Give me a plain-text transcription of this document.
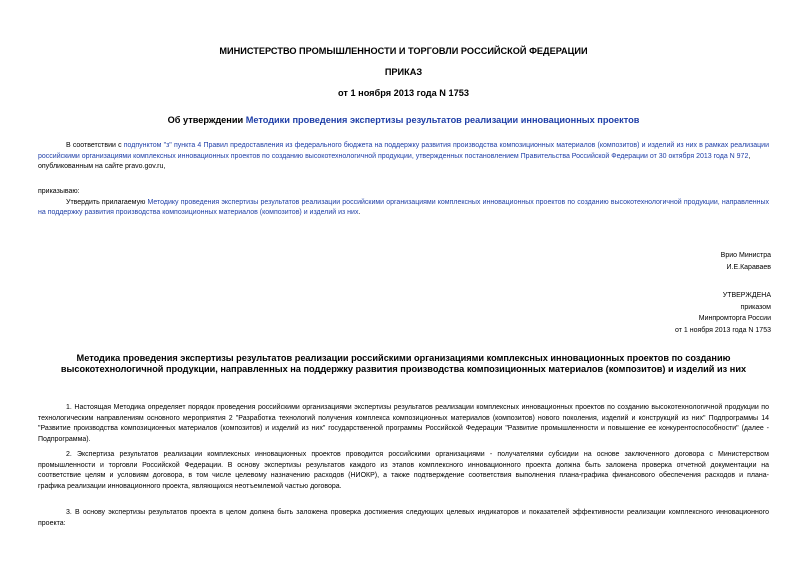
МИНИСТЕРСТВО ПРОМЫШЛЕННОСТИ И ТОРГОВЛИ РОССИЙСКОЙ ФЕДЕРАЦИИ
ПРИКАЗ
от 1 ноября 2013 года N 1753
Об утверждении Методики проведения экспертизы результатов реализации инновационных проектов
В соответствии с подпунктом "з" пункта 4 Правил предоставления из федерального бюджета на поддержку развития производства композиционных материалов (композитов) и изделий из них в рамках реализации
российскими организациями комплексных инновационных проектов по созданию высокотехнологичной продукции, утвержденных постановлением Правительства Российской Федерации от 30 октября 2013 года N 972,
опубликованным на сайте pravo.gov.ru,
приказываю:
Утвердить прилагаемую Методику проведения экспертизы результатов реализации российскими организациями комплексных инновационных проектов по созданию высокотехнологичной продукции, направленных
на поддержку развития производства композиционных материалов (композитов) и изделий из них.
Врио Министра
И.Е.Караваев
УТВЕРЖДЕНА
приказом
Минпромторга России
от 1 ноября 2013 года N 1753
Методика проведения экспертизы результатов реализации российскими организациями комплексных инновационных проектов по созданию
высокотехнологичной продукции, направленных на поддержку развития производства композиционных материалов (композитов) и изделий из них
1. Настоящая Методика определяет порядок проведения российскими организациями экспертизы результатов реализации комплексных инновационных проектов по созданию высокотехнологичной продукции по
технологическим направлениям основного мероприятия 2 "Разработка технологий получения комплекса композиционных материалов (композитов) нового поколения, изделий и конструкций из них" Подпрограммы 14
"Развитие производства композиционных материалов (композитов) и изделий из них" государственной программы Российской Федерации "Развитие промышленности и повышение ее конкурентоспособности" (далее -
Подпрограмма).
2. Экспертиза результатов реализации комплексных инновационных проектов проводится российскими организациями - получателями субсидии на основе заключенного договора с Министерством
промышленности и торговли Российской Федерации. В основу экспертизы результатов каждого из этапов комплексного инновационного проекта должна быть заложена проверка отчетной документации на
соответствие целям и условиям договора, в том числе целевому назначению расходов (НИОКР), а также подтверждение соответствия выполнения плана-графика финансового обеспечения расходов и плана-
графика реализации инновационного проекта, являющихся неотъемлемой частью договора.
3. В основу экспертизы результатов проекта в целом должна быть заложена проверка достижения следующих целевых индикаторов и показателей эффективности реализации комплексного инновационного
проекта:
